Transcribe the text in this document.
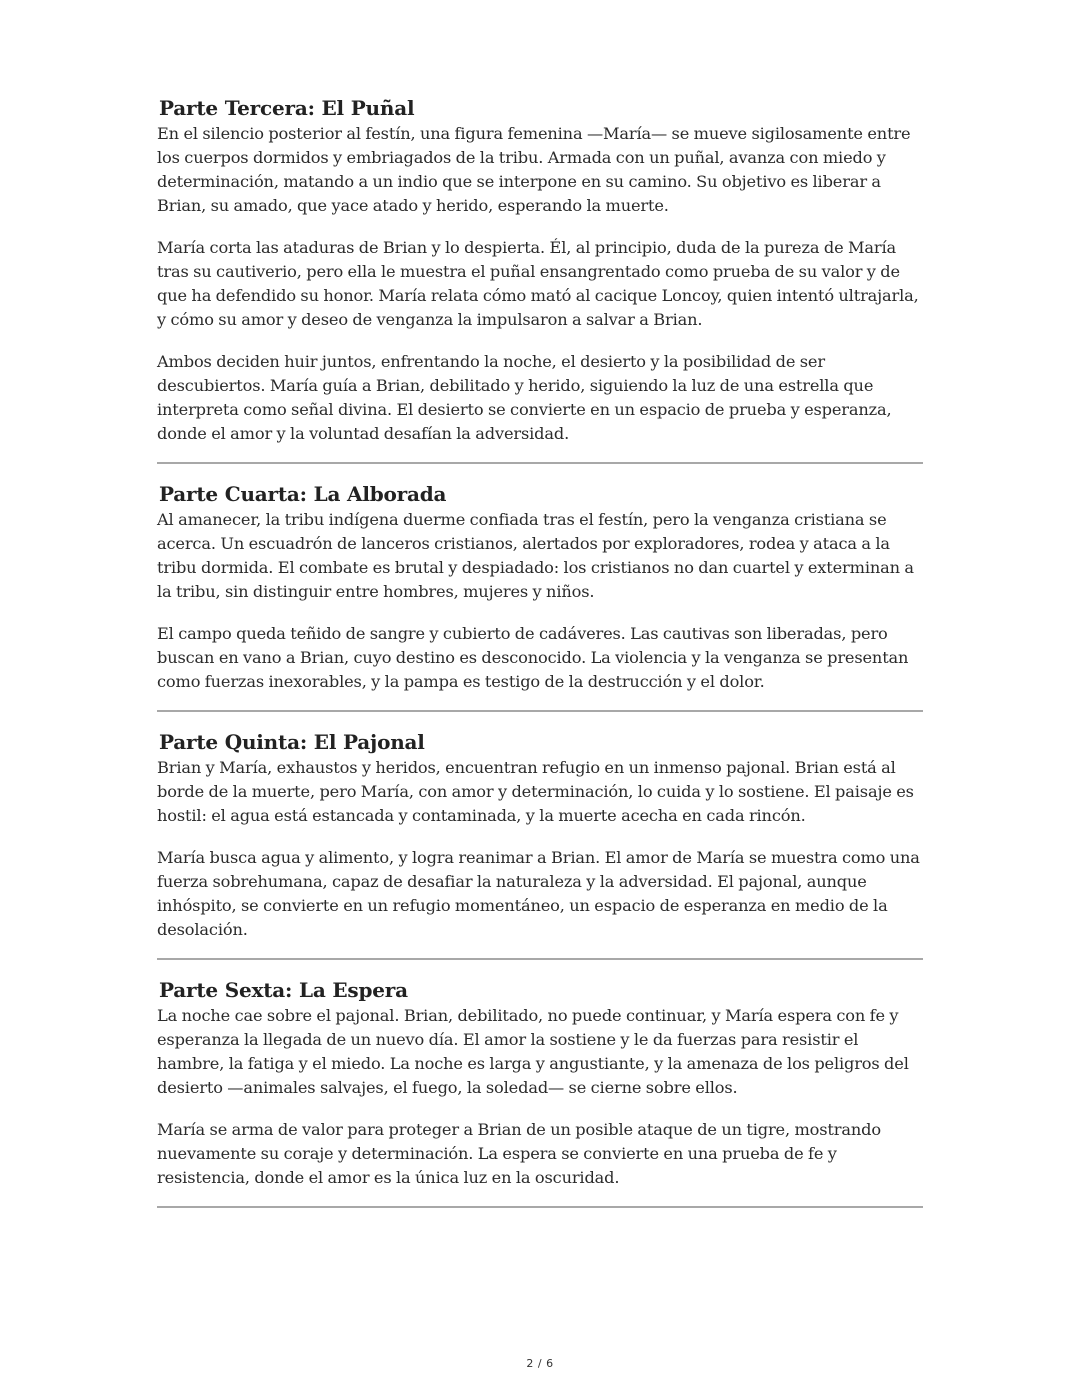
Parte Tercera: El Puñal

En el silencio posterior al festín, una figura femenina —María— se mueve sigilosamente entre los cuerpos dormidos y embriagados de la tribu. Armada con un puñal, avanza con miedo y determinación, matando a un indio que se interpone en su camino. Su objetivo es liberar a Brian, su amado, que yace atado y herido, esperando la muerte.

María corta las ataduras de Brian y lo despierta. Él, al principio, duda de la pureza de María tras su cautiverio, pero ella le muestra el puñal ensangrentado como prueba de su valor y de que ha defendido su honor. María relata cómo mató al cacique Loncoy, quien intentó ultrajarla, y cómo su amor y deseo de venganza la impulsaron a salvar a Brian.

Ambos deciden huir juntos, enfrentando la noche, el desierto y la posibilidad de ser descubiertos. María guía a Brian, debilitado y herido, siguiendo la luz de una estrella que interpreta como señal divina. El desierto se convierte en un espacio de prueba y esperanza, donde el amor y la voluntad desafían la adversidad.

Parte Cuarta: La Alborada

Al amanecer, la tribu indígena duerme confiada tras el festín, pero la venganza cristiana se acerca. Un escuadrón de lanceros cristianos, alertados por exploradores, rodea y ataca a la tribu dormida. El combate es brutal y despiadado: los cristianos no dan cuartel y exterminan a la tribu, sin distinguir entre hombres, mujeres y niños.

El campo queda teñido de sangre y cubierto de cadáveres. Las cautivas son liberadas, pero buscan en vano a Brian, cuyo destino es desconocido. La violencia y la venganza se presentan como fuerzas inexorables, y la pampa es testigo de la destrucción y el dolor.

Parte Quinta: El Pajonal

Brian y María, exhaustos y heridos, encuentran refugio en un inmenso pajonal. Brian está al borde de la muerte, pero María, con amor y determinación, lo cuida y lo sostiene. El paisaje es hostil: el agua está estancada y contaminada, y la muerte acecha en cada rincón.

María busca agua y alimento, y logra reanimar a Brian. El amor de María se muestra como una fuerza sobrehumana, capaz de desafiar la naturaleza y la adversidad. El pajonal, aunque inhóspito, se convierte en un refugio momentáneo, un espacio de esperanza en medio de la desolación.

Parte Sexta: La Espera

La noche cae sobre el pajonal. Brian, debilitado, no puede continuar, y María espera con fe y esperanza la llegada de un nuevo día. El amor la sostiene y le da fuerzas para resistir el hambre, la fatiga y el miedo. La noche es larga y angustiante, y la amenaza de los peligros del desierto —animales salvajes, el fuego, la soledad— se cierne sobre ellos.

María se arma de valor para proteger a Brian de un posible ataque de un tigre, mostrando nuevamente su coraje y determinación. La espera se convierte en una prueba de fe y resistencia, donde el amor es la única luz en la oscuridad.

2 / 6
